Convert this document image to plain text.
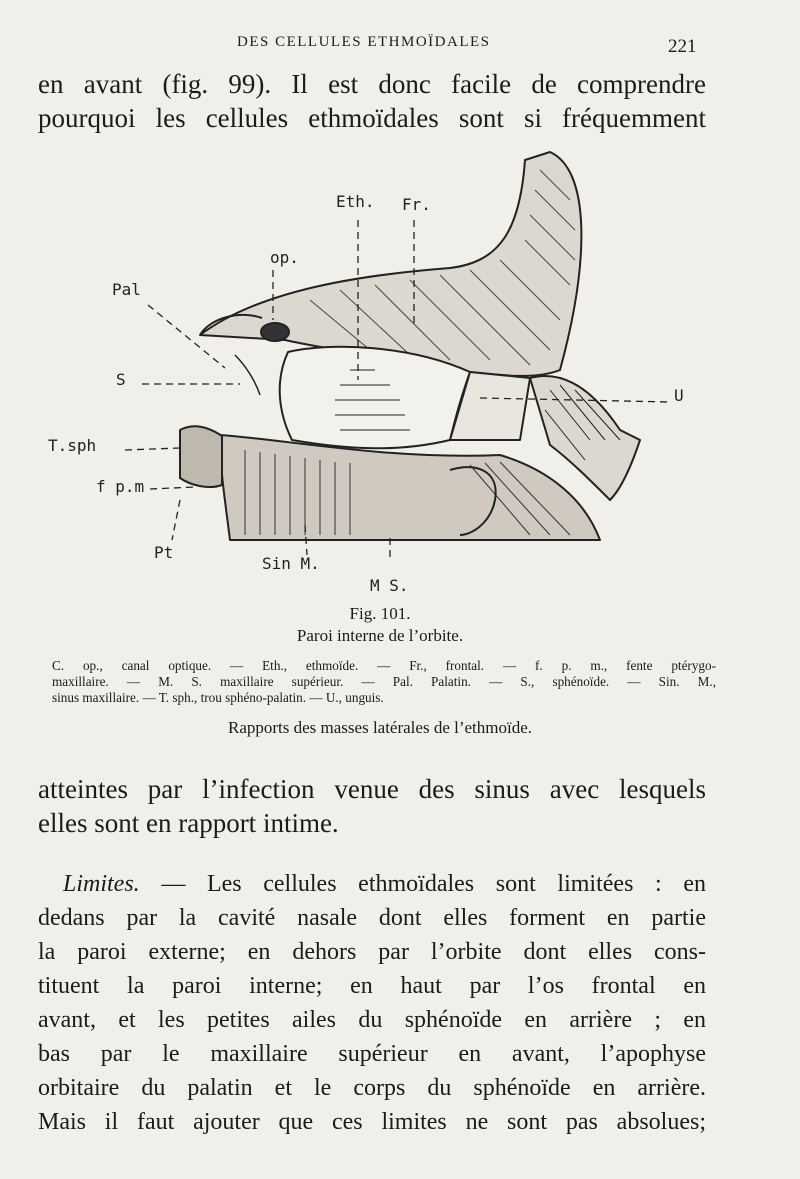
DES CELLULES ETHMOÏDALES	221

en avant (fig. 99). Il est donc facile de comprendre
pourquoi les cellules ethmoïdales sont si fréquemment

Eth. Fr.
op.
Pal
S
U
T.sph
f p.m
Pt
Sin M.
M S.
Fig. 101.
Paroi interne de l’orbite.
C. op., canal optique. — Eth., ethmoïde. — Fr., frontal. — f. p. m., fente ptérygo-
maxillaire. — M. S. maxillaire supérieur. — Pal. Palatin. — S., sphénoïde. — Sin. M.,
sinus maxillaire. — T. sph., trou sphéno-palatin. — U., unguis.
Rapports des masses latérales de l’ethmoïde.

atteintes par l’infection venue des sinus avec lesquels
elles sont en rapport intime.

Limites. — Les cellules ethmoïdales sont limitées : en
dedans par la cavité nasale dont elles forment en partie
la paroi externe; en dehors par l’orbite dont elles cons-
tituent la paroi interne; en haut par l’os frontal en
avant, et les petites ailes du sphénoïde en arrière ; en
bas par le maxillaire supérieur en avant, l’apophyse
orbitaire du palatin et le corps du sphénoïde en arrière.
Mais il faut ajouter que ces limites ne sont pas absolues;
